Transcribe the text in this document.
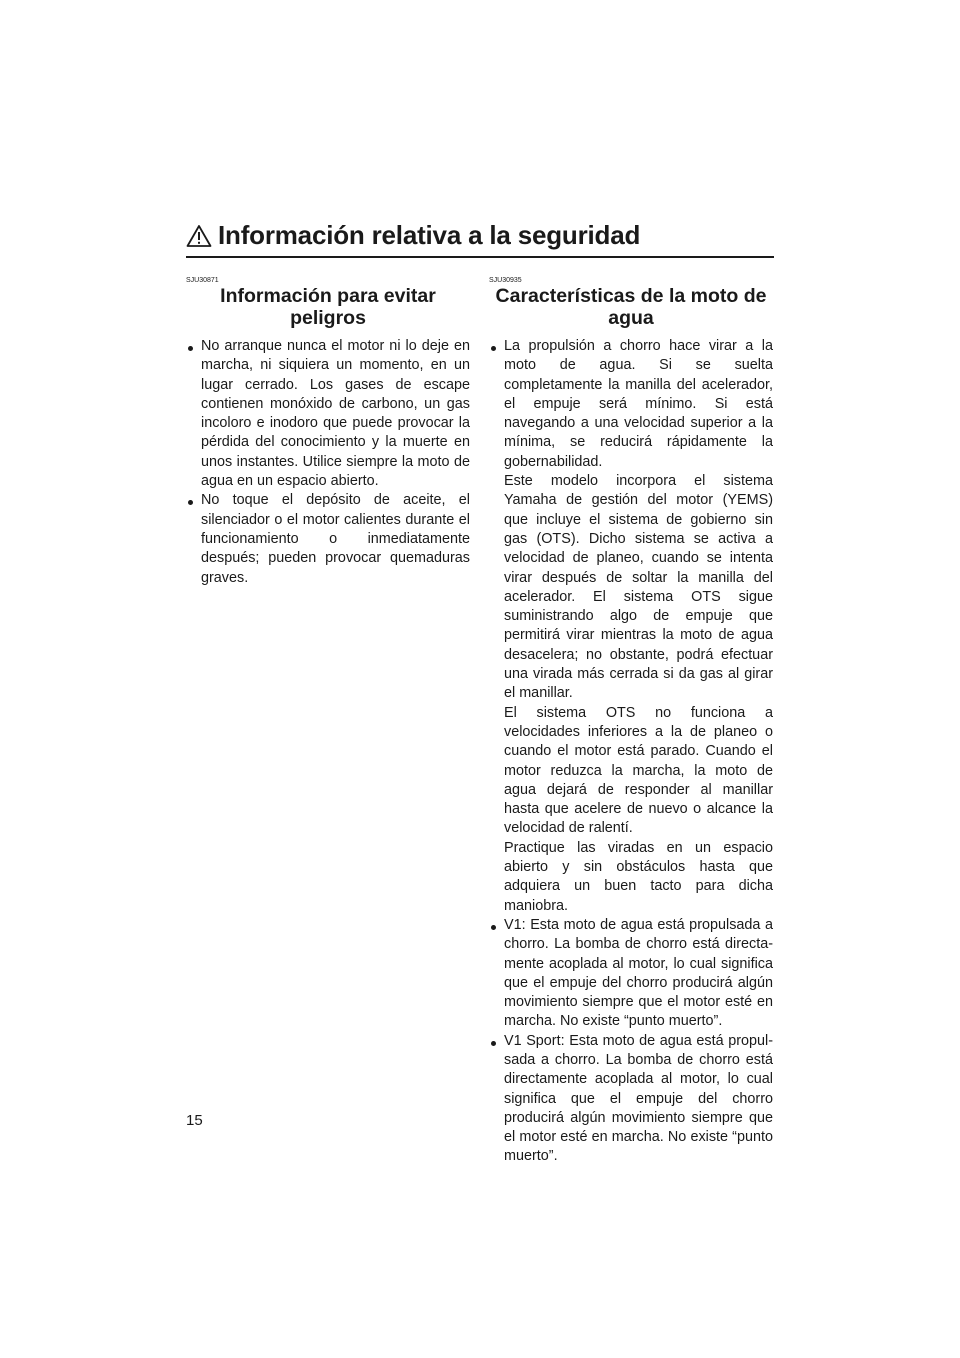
Información relativa a la seguridad
SJU30871
Información para evitar peligros

No arranque nunca el motor ni lo deje en marcha, ni siquiera un momento, en un lugar cerrado. Los gases de escape contienen monóxido de carbono, un gas incoloro e inodoro que puede provocar la pérdida del conocimiento y la muerte en unos instantes. Utilice siempre la moto de agua en un espacio abierto.

No toque el depósito de aceite, el silenciador o el motor calientes durante el funcionamiento o inmediatamente después; pueden provocar quemaduras graves.

SJU30935
Características de la moto de agua

La propulsión a chorro hace virar a la moto de agua. Si se suelta completamente la manilla del acelerador, el empuje será mínimo. Si está navegando a una velocidad superior a la mínima, se reducirá rápidamente la gobernabilidad.

Este modelo incorpora el sistema Yamaha de gestión del motor (YEMS) que incluye el sistema de gobierno sin gas (OTS). Dicho sistema se activa a velocidad de planeo, cuando se intenta virar después de soltar la manilla del acelerador. El sistema OTS sigue suministrando algo de empuje que permitirá virar mientras la moto de agua desacelera; no obstante, podrá efectuar una virada más cerrada si da gas al girar el manillar.

El sistema OTS no funciona a velocidades inferiores a la de planeo o cuando el motor está parado. Cuando el motor reduzca la marcha, la moto de agua dejará de responder al manillar hasta que acelere de nuevo o alcance la velocidad de ralentí.

Practique las viradas en un espacio abierto y sin obstáculos hasta que adquiera un buen tacto para dicha maniobra.

V1: Esta moto de agua está propulsada a chorro. La bomba de chorro está directamente acoplada al motor, lo cual significa que el empuje del chorro producirá algún movimiento siempre que el motor esté en marcha. No existe “punto muerto”.

V1 Sport: Esta moto de agua está propulsada a chorro. La bomba de chorro está directamente acoplada al motor, lo cual significa que el empuje del chorro producirá algún movimiento siempre que el motor esté en marcha. No existe “punto muerto”.

15
